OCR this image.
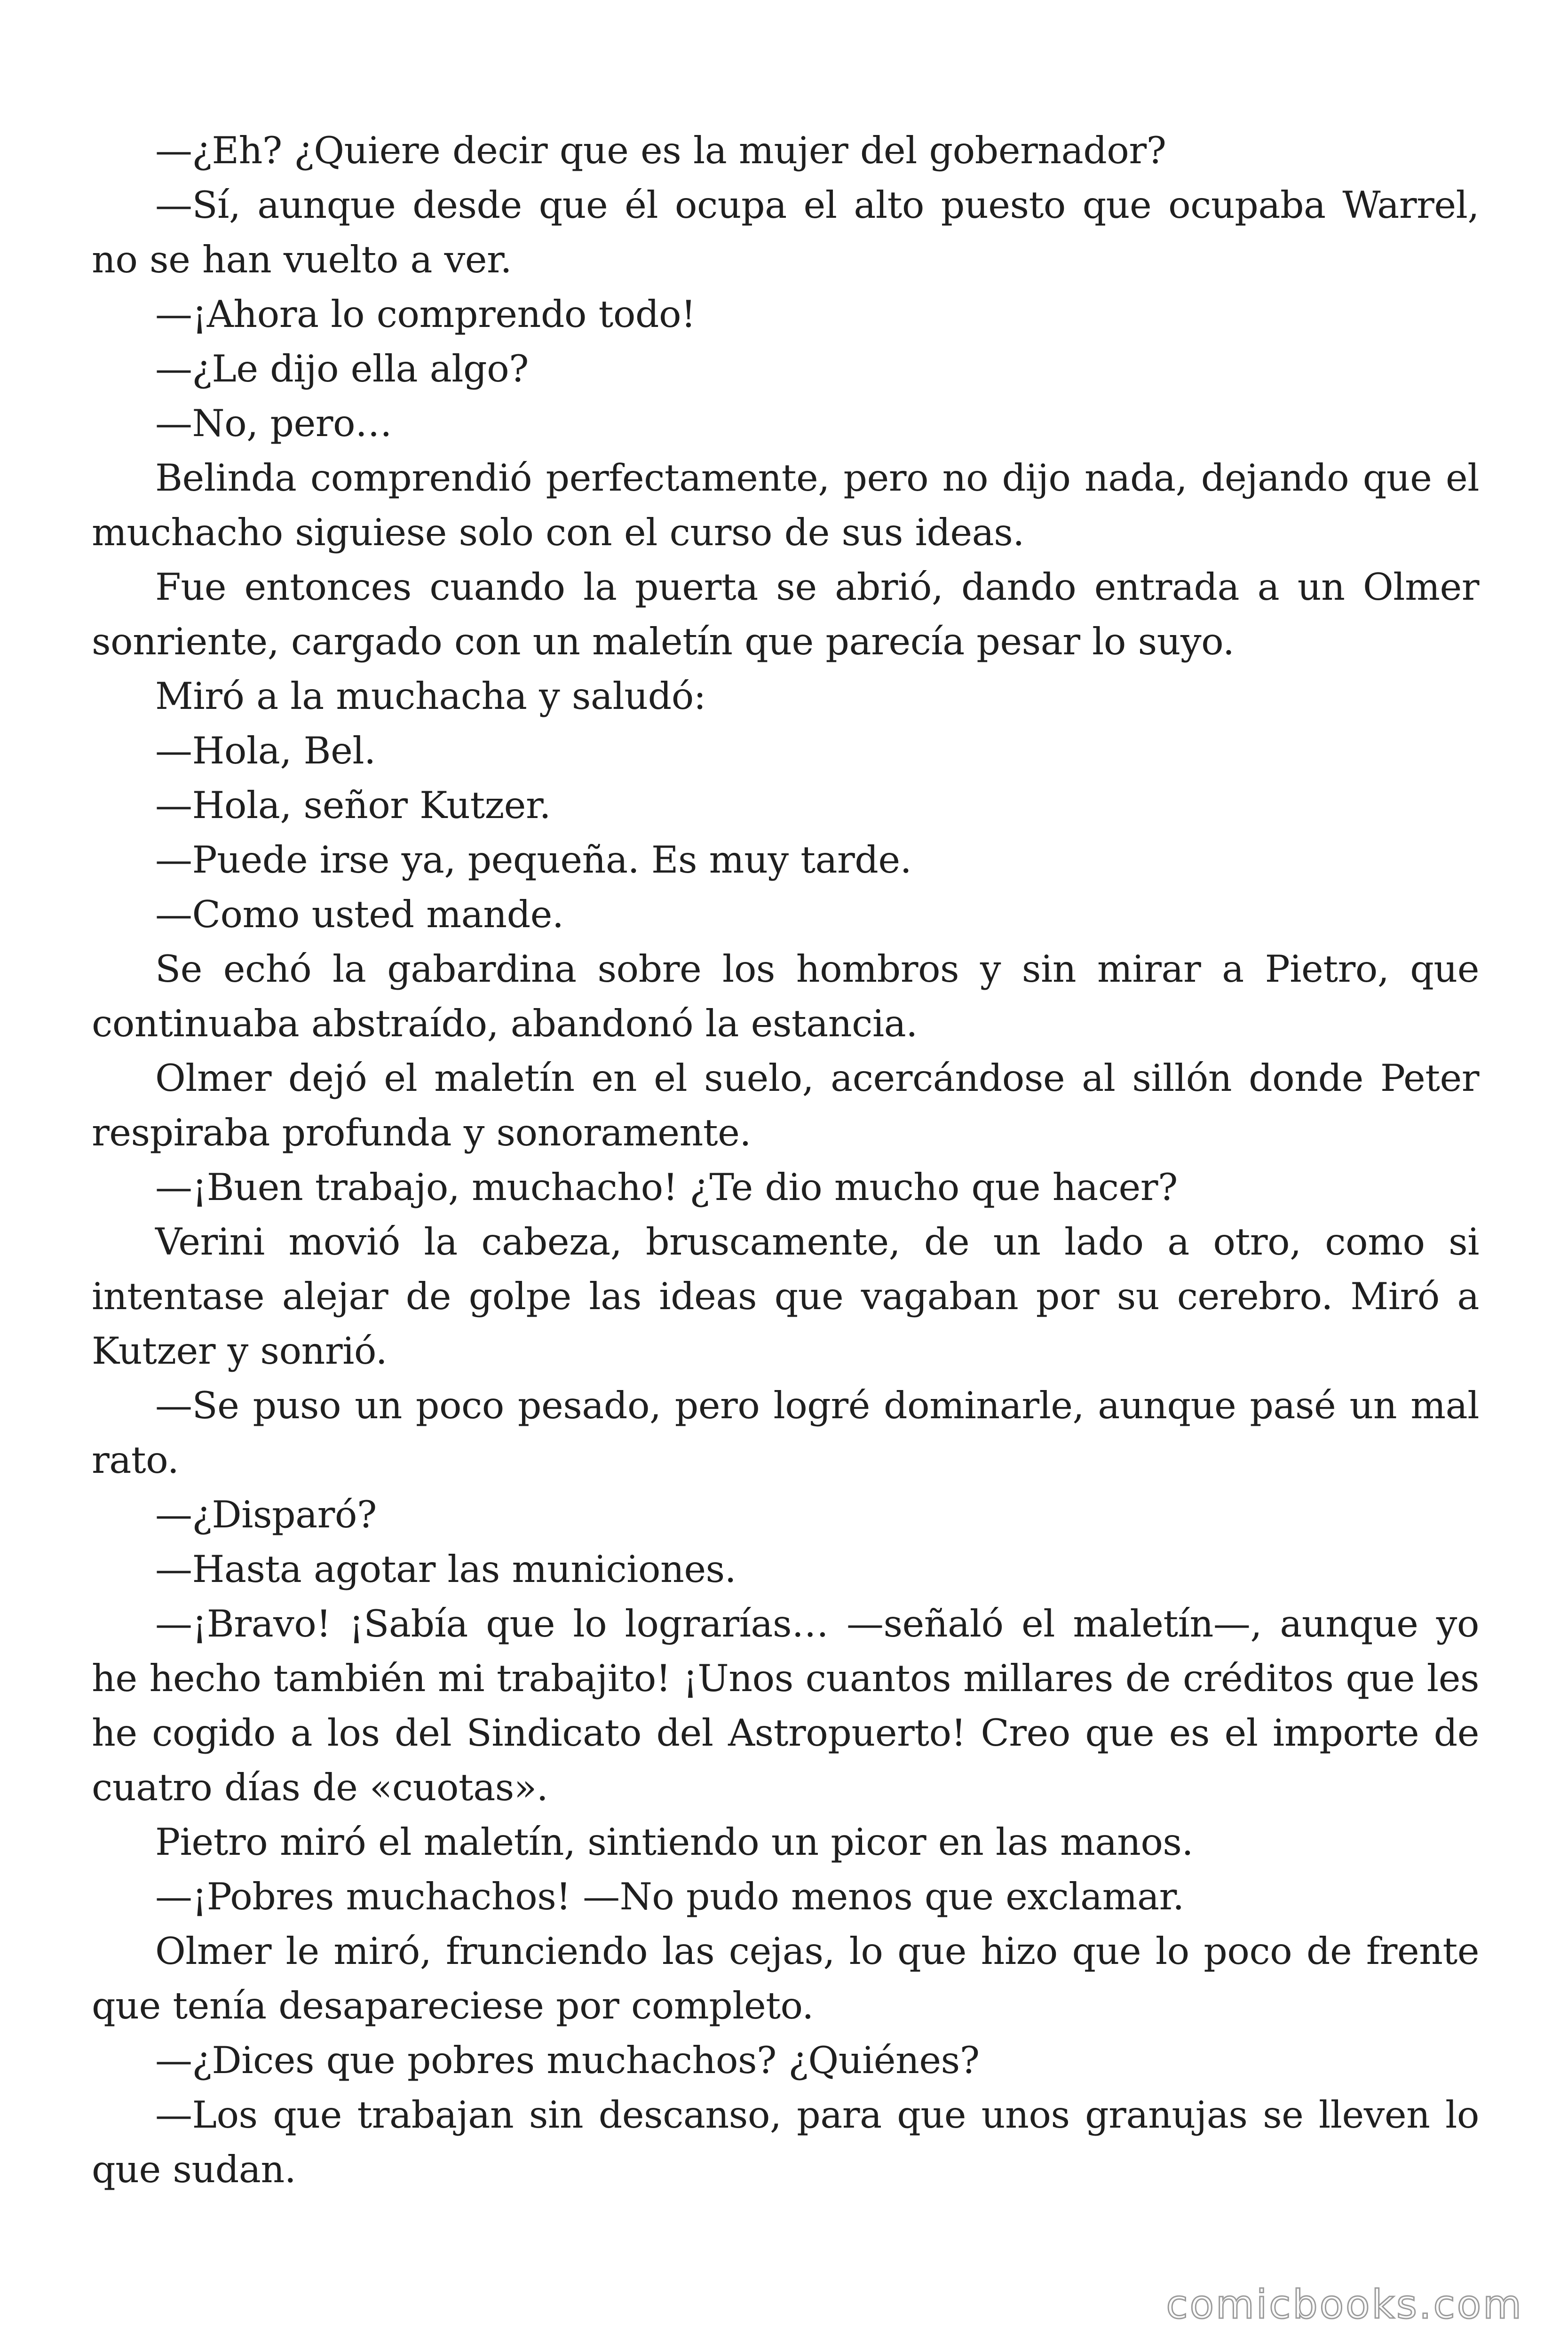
—¿Eh? ¿Quiere decir que es la mujer del gobernador?

—Sí, aunque desde que él ocupa el alto puesto que ocupaba Warrel, no se han vuelto a ver.

—¡Ahora lo comprendo todo!

—¿Le dijo ella algo?

—No, pero…

Belinda comprendió perfectamente, pero no dijo nada, dejando que el muchacho siguiese solo con el curso de sus ideas.

Fue entonces cuando la puerta se abrió, dando entrada a un Olmer sonriente, cargado con un maletín que parecía pesar lo suyo.

Miró a la muchacha y saludó:

—Hola, Bel.

—Hola, señor Kutzer.

—Puede irse ya, pequeña. Es muy tarde.

—Como usted mande.

Se echó la gabardina sobre los hombros y sin mirar a Pietro, que continuaba abstraído, abandonó la estancia.

Olmer dejó el maletín en el suelo, acercándose al sillón donde Peter respiraba profunda y sonoramente.

—¡Buen trabajo, muchacho! ¿Te dio mucho que hacer?

Verini movió la cabeza, bruscamente, de un lado a otro, como si intentase alejar de golpe las ideas que vagaban por su cerebro. Miró a Kutzer y sonrió.

—Se puso un poco pesado, pero logré dominarle, aunque pasé un mal rato.

—¿Disparó?

—Hasta agotar las municiones.

—¡Bravo! ¡Sabía que lo lograrías… —señaló el maletín—, aunque yo he hecho también mi trabajito! ¡Unos cuantos millares de créditos que les he cogido a los del Sindicato del Astropuerto! Creo que es el importe de cuatro días de «cuotas».

Pietro miró el maletín, sintiendo un picor en las manos.

—¡Pobres muchachos! —No pudo menos que exclamar.

Olmer le miró, frunciendo las cejas, lo que hizo que lo poco de frente que tenía desapareciese por completo.

—¿Dices que pobres muchachos? ¿Quiénes?

—Los que trabajan sin descanso, para que unos granujas se lleven lo que sudan.

comicbooks.com
